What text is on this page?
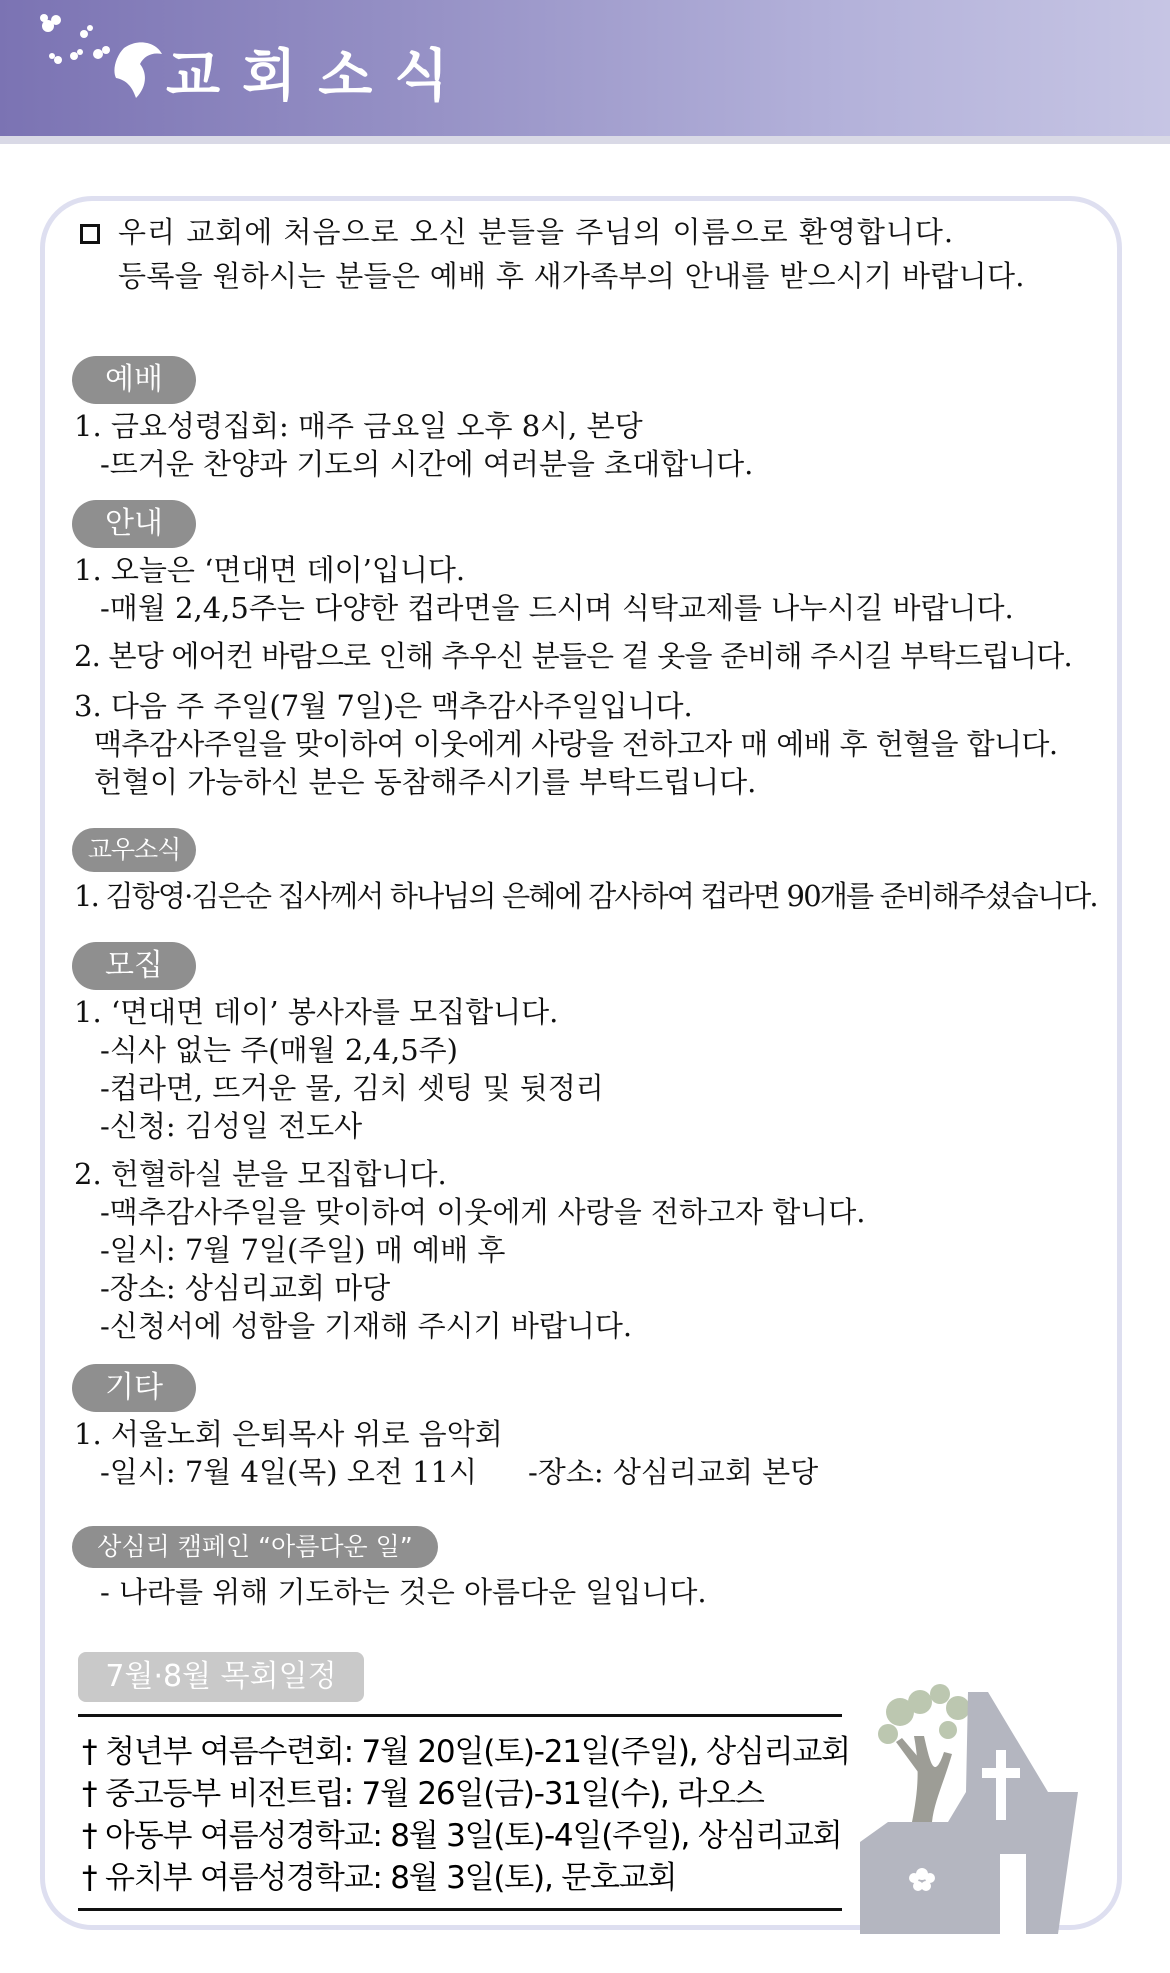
교회소식
우리 교회에 처음으로 오신 분들을 주님의 이름으로 환영합니다.
등록을 원하시는 분들은 예배 후 새가족부의 안내를 받으시기 바랍니다.
예배
1. 금요성령집회: 매주 금요일 오후 8시, 본당
-뜨거운 찬양과 기도의 시간에 여러분을 초대합니다.
안내
1. 오늘은 ‘면대면 데이’입니다.
-매월 2,4,5주는 다양한 컵라면을 드시며 식탁교제를 나누시길 바랍니다.
2. 본당 에어컨 바람으로 인해 추우신 분들은 겉 옷을 준비해 주시길 부탁드립니다.
3. 다음 주 주일(7월 7일)은 맥추감사주일입니다.
맥추감사주일을 맞이하여 이웃에게 사랑을 전하고자 매 예배 후 헌혈을 합니다.
헌혈이 가능하신 분은 동참해주시기를 부탁드립니다.
교우소식
1. 김항영·김은순 집사께서 하나님의 은혜에 감사하여 컵라면 90개를 준비해주셨습니다.
모집
1. ‘면대면 데이’ 봉사자를 모집합니다.
-식사 없는 주(매월 2,4,5주)
-컵라면, 뜨거운 물, 김치 셋팅 및 뒷정리
-신청: 김성일 전도사
2. 헌혈하실 분을 모집합니다.
-맥추감사주일을 맞이하여 이웃에게 사랑을 전하고자 합니다.
-일시: 7월 7일(주일) 매 예배 후
-장소: 상심리교회 마당
-신청서에 성함을 기재해 주시기 바랍니다.
기타
1. 서울노회 은퇴목사 위로 음악회
-일시: 7월 4일(목) 오전 11시 -장소: 상심리교회 본당
상심리 캠페인 “아름다운 일”
- 나라를 위해 기도하는 것은 아름다운 일입니다.
7월·8월 목회일정
† 청년부 여름수련회: 7월 20일(토)-21일(주일), 상심리교회
† 중고등부 비전트립: 7월 26일(금)-31일(수), 라오스
† 아동부 여름성경학교: 8월 3일(토)-4일(주일), 상심리교회
† 유치부 여름성경학교: 8월 3일(토), 문호교회
